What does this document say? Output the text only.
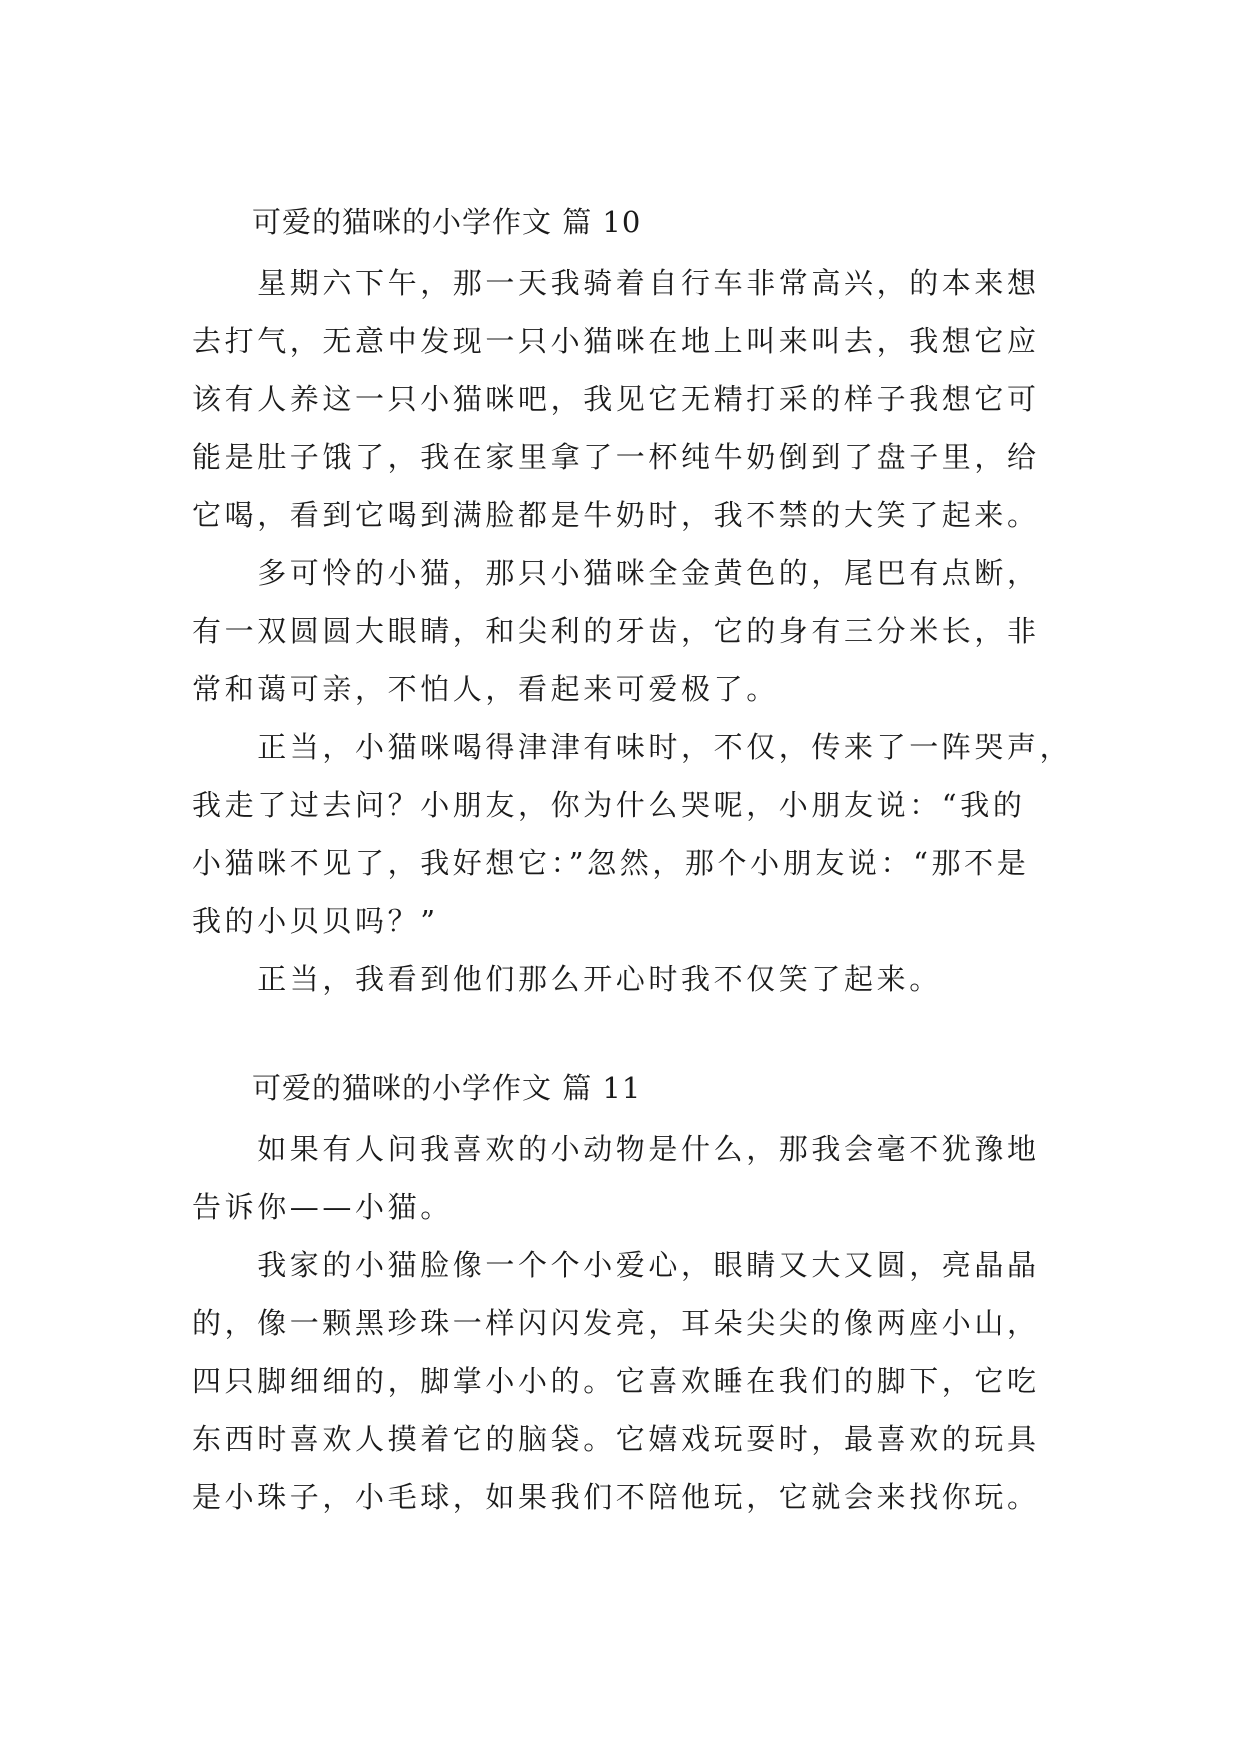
可爱的猫咪的小学作文 篇 10
　　星期六下午，那一天我骑着自行车非常高兴，的本来想
去打气，无意中发现一只小猫咪在地上叫来叫去，我想它应
该有人养这一只小猫咪吧，我见它无精打采的样子我想它可
能是肚子饿了，我在家里拿了一杯纯牛奶倒到了盘子里，给
它喝，看到它喝到满脸都是牛奶时，我不禁的大笑了起来。
　　多可怜的小猫，那只小猫咪全金黄色的，尾巴有点断，
有一双圆圆大眼睛，和尖利的牙齿，它的身有三分米长，非
常和蔼可亲，不怕人，看起来可爱极了。
　　正当，小猫咪喝得津津有味时，不仅，传来了一阵哭声，
我走了过去问？小朋友，你为什么哭呢，小朋友说：“我的
小猫咪不见了，我好想它：”忽然，那个小朋友说：“那不是
我的小贝贝吗？”
　　正当，我看到他们那么开心时我不仅笑了起来。
可爱的猫咪的小学作文 篇 11
　　如果有人问我喜欢的小动物是什么，那我会毫不犹豫地
告诉你——小猫。
　　我家的小猫脸像一个个小爱心，眼睛又大又圆，亮晶晶
的，像一颗黑珍珠一样闪闪发亮，耳朵尖尖的像两座小山，
四只脚细细的，脚掌小小的。它喜欢睡在我们的脚下，它吃
东西时喜欢人摸着它的脑袋。它嬉戏玩耍时，最喜欢的玩具
是小珠子，小毛球，如果我们不陪他玩，它就会来找你玩。
